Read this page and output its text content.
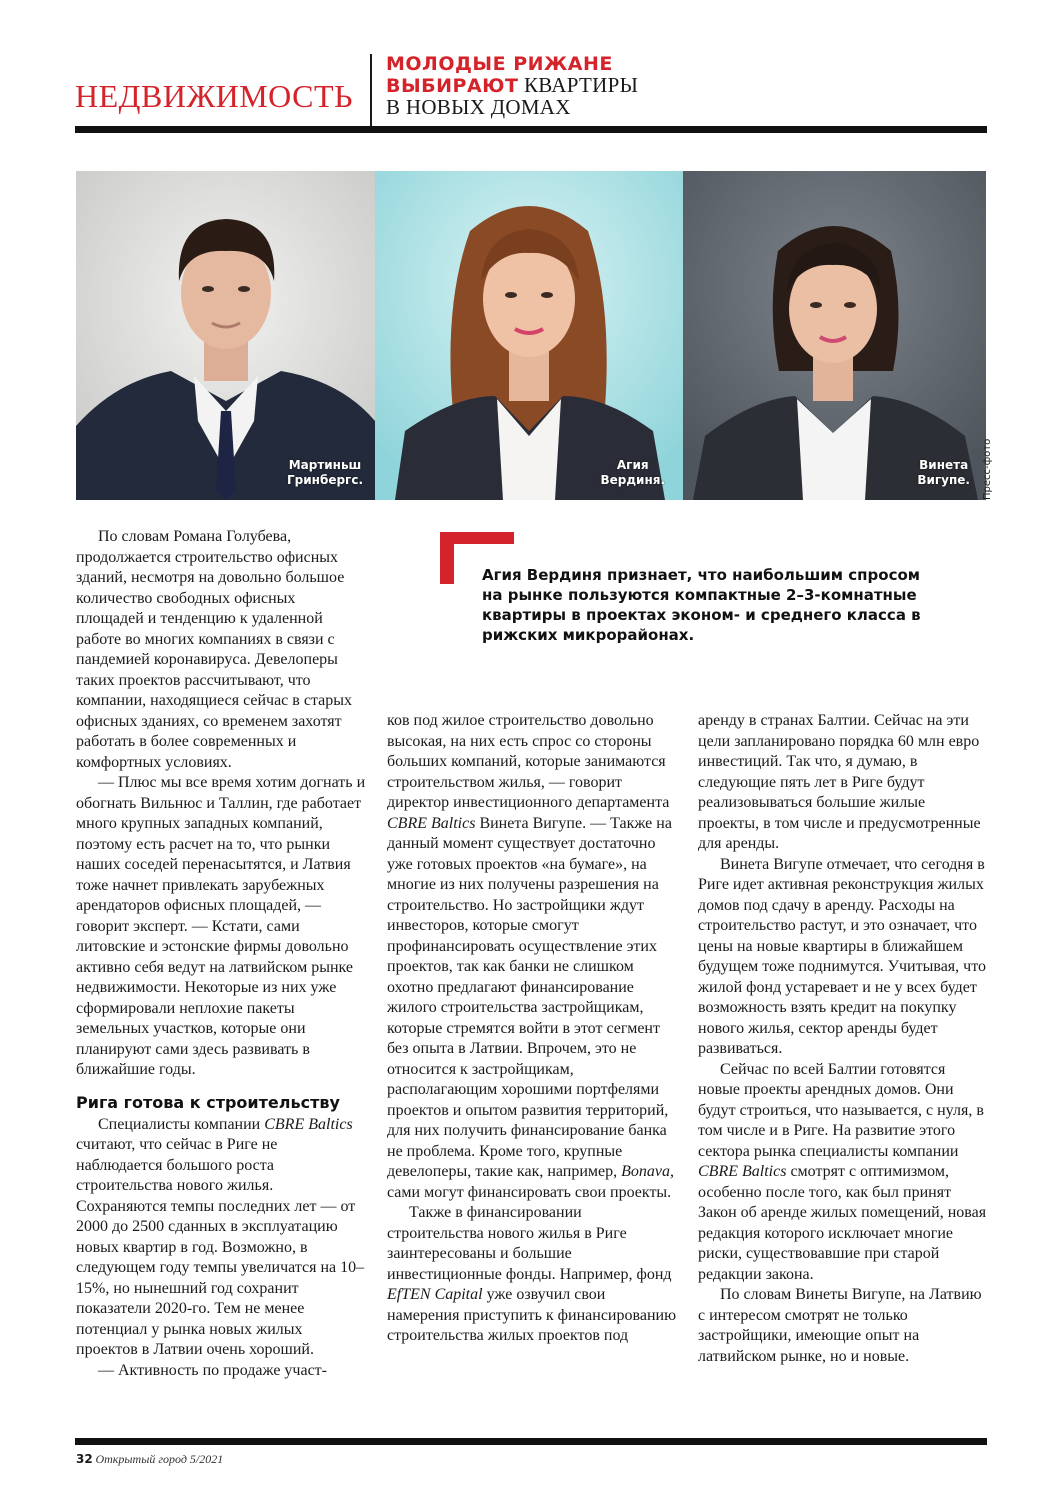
НЕДВИЖИМОСТЬ
МОЛОДЫЕ РИЖАНЕ
ВЫБИРАЮТ КВАРТИРЫ
В НОВЫХ ДОМАХ
Мартиньш
Гринбергс.
Агия
Вердиня.
Винета
Вигупе. Пресс-фото
Агия Вердиня признает, что наибольшим спросом на рынке пользуются компактные 2–3-комнатные квартиры в проектах эконом- и среднего класса в рижских микрорайонах.

По словам Романа Голубева, продолжается строительство офисных зданий, несмотря на довольно большое количество свободных офисных площадей и тенденцию к удаленной работе во многих компаниях в связи с пандемией коронавируса. Девелоперы таких проектов рассчитывают, что компании, находящиеся сейчас в старых офисных зданиях, со временем захотят работать в более современных и комфортных условиях.

— Плюс мы все время хотим догнать и обогнать Вильнюс и Таллин, где работает много крупных западных компаний, поэтому есть расчет на то, что рынки наших соседей перенасытятся, и Латвия тоже начнет привлекать зарубежных арендаторов офисных площадей, — говорит эксперт. — Кстати, сами литовские и эстонские фирмы довольно активно себя ведут на латвийском рынке недвижимости. Некоторые из них уже сформировали неплохие пакеты земельных участков, которые они планируют сами здесь развивать в ближайшие годы.

Рига готова к строительству

Специалисты компании CBRE Baltics считают, что сейчас в Риге не наблюдается большого роста строительства нового жилья. Сохраняются темпы последних лет — от 2000 до 2500 сданных в эксплуатацию новых квартир в год. Возможно, в следующем году темпы увеличатся на 10–15%, но нынешний год сохранит показатели 2020-го. Тем не менее потенциал у рынка новых жилых проектов в Латвии очень хороший.

— Активность по продаже участ-

ков под жилое строительство довольно высокая, на них есть спрос со стороны больших компаний, которые занимаются строительством жилья, — говорит директор инвестиционного департамента CBRE Baltics Винета Вигупе. — Также на данный момент существует достаточно уже готовых проектов «на бумаге», на многие из них получены разрешения на строительство. Но застройщики ждут инвесторов, которые смогут профинансировать осуществление этих проектов, так как банки не слишком охотно предлагают финансирование жилого строительства застройщикам, которые стремятся войти в этот сегмент без опыта в Латвии. Впрочем, это не относится к застройщикам, располагающим хорошими портфелями проектов и опытом развития территорий, для них получить финансирование банка не проблема. Кроме того, крупные девелоперы, такие как, например, Bonava, сами могут финансировать свои проекты.

Также в финансировании строительства нового жилья в Риге заинтересованы и большие инвестиционные фонды. Например, фонд EfTEN Capital уже озвучил свои намерения приступить к финансированию строительства жилых проектов под

аренду в странах Балтии. Сейчас на эти цели запланировано порядка 60 млн евро инвестиций. Так что, я думаю, в следующие пять лет в Риге будут реализовываться большие жилые проекты, в том числе и предусмотренные для аренды.

Винета Вигупе отмечает, что сегодня в Риге идет активная реконструкция жилых домов под сдачу в аренду. Расходы на строительство растут, и это означает, что цены на новые квартиры в ближайшем будущем тоже поднимутся. Учитывая, что жилой фонд устаревает и не у всех будет возможность взять кредит на покупку нового жилья, сектор аренды будет развиваться.

Сейчас по всей Балтии готовятся новые проекты арендных домов. Они будут строиться, что называется, с нуля, в том числе и в Риге. На развитие этого сектора рынка специалисты компании CBRE Baltics смотрят с оптимизмом, особенно после того, как был принят Закон об аренде жилых помещений, новая редакция которого исключает многие риски, существовавшие при старой редакции закона.

По словам Винеты Вигупе, на Латвию с интересом смотрят не только застройщики, имеющие опыт на латвийском рынке, но и новые.

32 Открытый город 5/2021
